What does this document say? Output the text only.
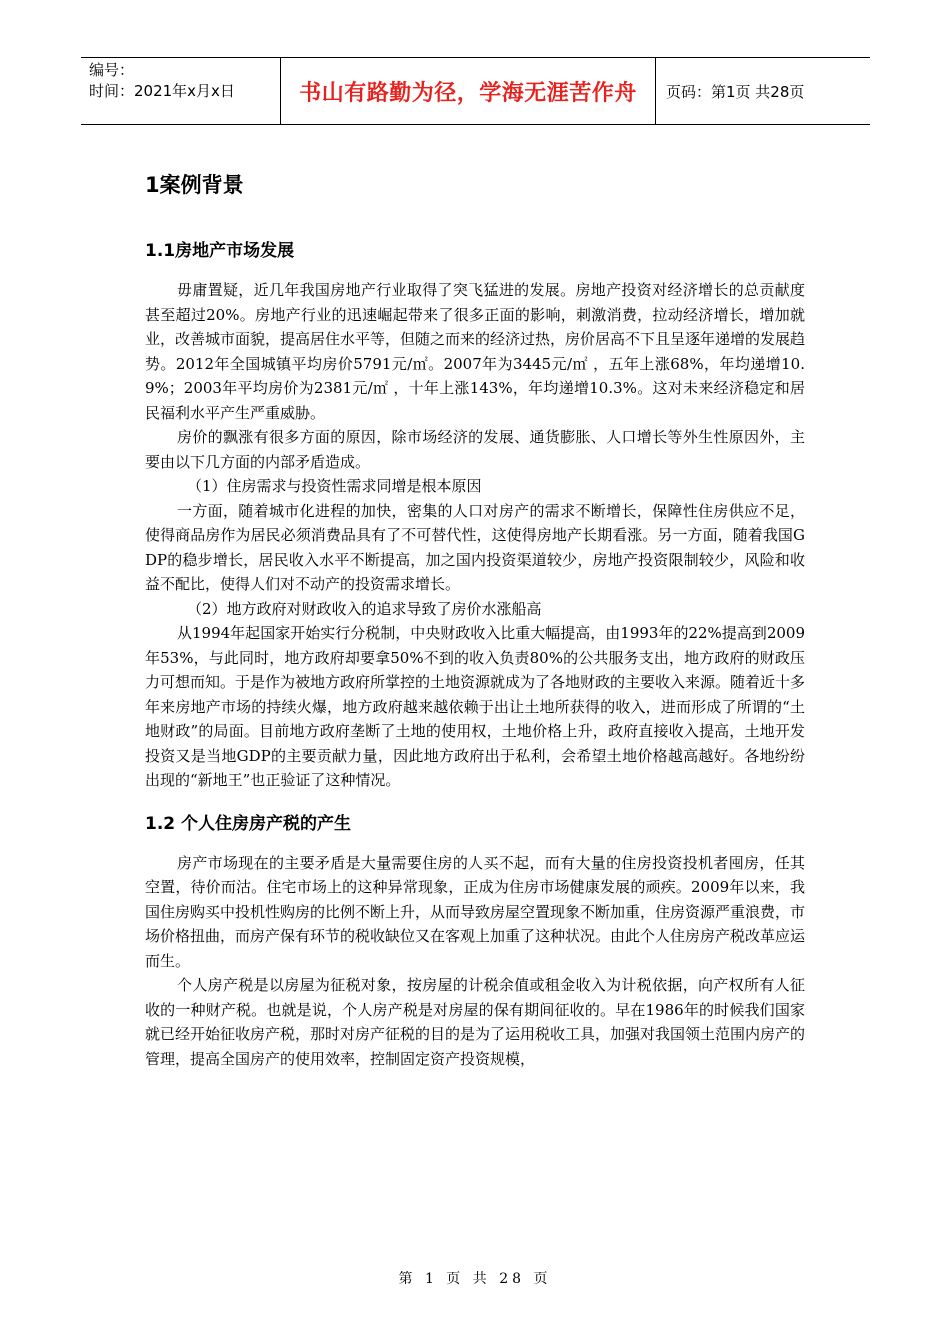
编号：
时间：2021年x月x日	书山有路勤为径，学海无涯苦作舟	页码：第1页 共28页
1案例背景
1.1房地产市场发展

毋庸置疑，近几年我国房地产行业取得了突飞猛进的发展。房地产投资对经济增长的总贡献度甚至超过20%。房地产行业的迅速崛起带来了很多正面的影响，刺激消费，拉动经济增长，增加就业，改善城市面貌，提高居住水平等，但随之而来的经济过热，房价居高不下且呈逐年递增的发展趋势。2012年全国城镇平均房价5791元/㎡。2007年为3445元/㎡ ，五年上涨68%，年均递增10.9%；2003年平均房价为2381元/㎡ ，十年上涨143%，年均递增10.3%。这对未来经济稳定和居民福利水平产生严重威胁。

房价的飘涨有很多方面的原因，除市场经济的发展、通货膨胀、人口增长等外生性原因外，主要由以下几方面的内部矛盾造成。

（1）住房需求与投资性需求同增是根本原因

一方面，随着城市化进程的加快，密集的人口对房产的需求不断增长，保障性住房供应不足，使得商品房作为居民必须消费品具有了不可替代性，这使得房地产长期看涨。另一方面，随着我国GDP的稳步增长，居民收入水平不断提高，加之国内投资渠道较少，房地产投资限制较少，风险和收益不配比，使得人们对不动产的投资需求增长。

（2）地方政府对财政收入的追求导致了房价水涨船高

从1994年起国家开始实行分税制，中央财政收入比重大幅提高，由1993年的22%提高到2009年53%，与此同时，地方政府却要拿50%不到的收入负责80%的公共服务支出，地方政府的财政压力可想而知。于是作为被地方政府所掌控的土地资源就成为了各地财政的主要收入来源。随着近十多年来房地产市场的持续火爆，地方政府越来越依赖于出让土地所获得的收入，进而形成了所谓的“土地财政”的局面。目前地方政府垄断了土地的使用权，土地价格上升，政府直接收入提高，土地开发投资又是当地GDP的主要贡献力量，因此地方政府出于私利，会希望土地价格越高越好。各地纷纷出现的“新地王”也正验证了这种情况。

1.2 个人住房房产税的产生

房产市场现在的主要矛盾是大量需要住房的人买不起，而有大量的住房投资投机者囤房，任其空置，待价而沽。住宅市场上的这种异常现象，正成为住房市场健康发展的顽疾。2009年以来，我国住房购买中投机性购房的比例不断上升，从而导致房屋空置现象不断加重，住房资源严重浪费，市场价格扭曲，而房产保有环节的税收缺位又在客观上加重了这种状况。由此个人住房房产税改革应运而生。

个人房产税是以房屋为征税对象，按房屋的计税余值或租金收入为计税依据，向产权所有人征收的一种财产税。也就是说，个人房产税是对房屋的保有期间征收的。早在1986年的时候我们国家就已经开始征收房产税，那时对房产征税的目的是为了运用税收工具，加强对我国领土范围内房产的管理，提高全国房产的使用效率，控制固定资产投资规模，

第 1 页 共 28 页
